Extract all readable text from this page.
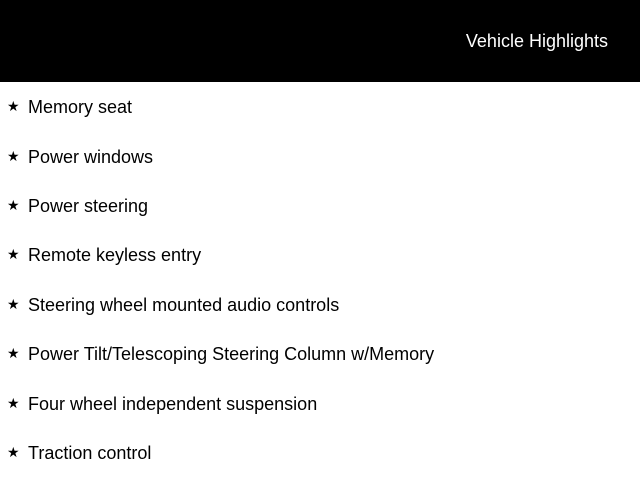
Vehicle Highlights
★ Memory seat
★ Power windows
★ Power steering
★ Remote keyless entry
★ Steering wheel mounted audio controls
★ Power Tilt/Telescoping Steering Column w/Memory
★ Four wheel independent suspension
★ Traction control
